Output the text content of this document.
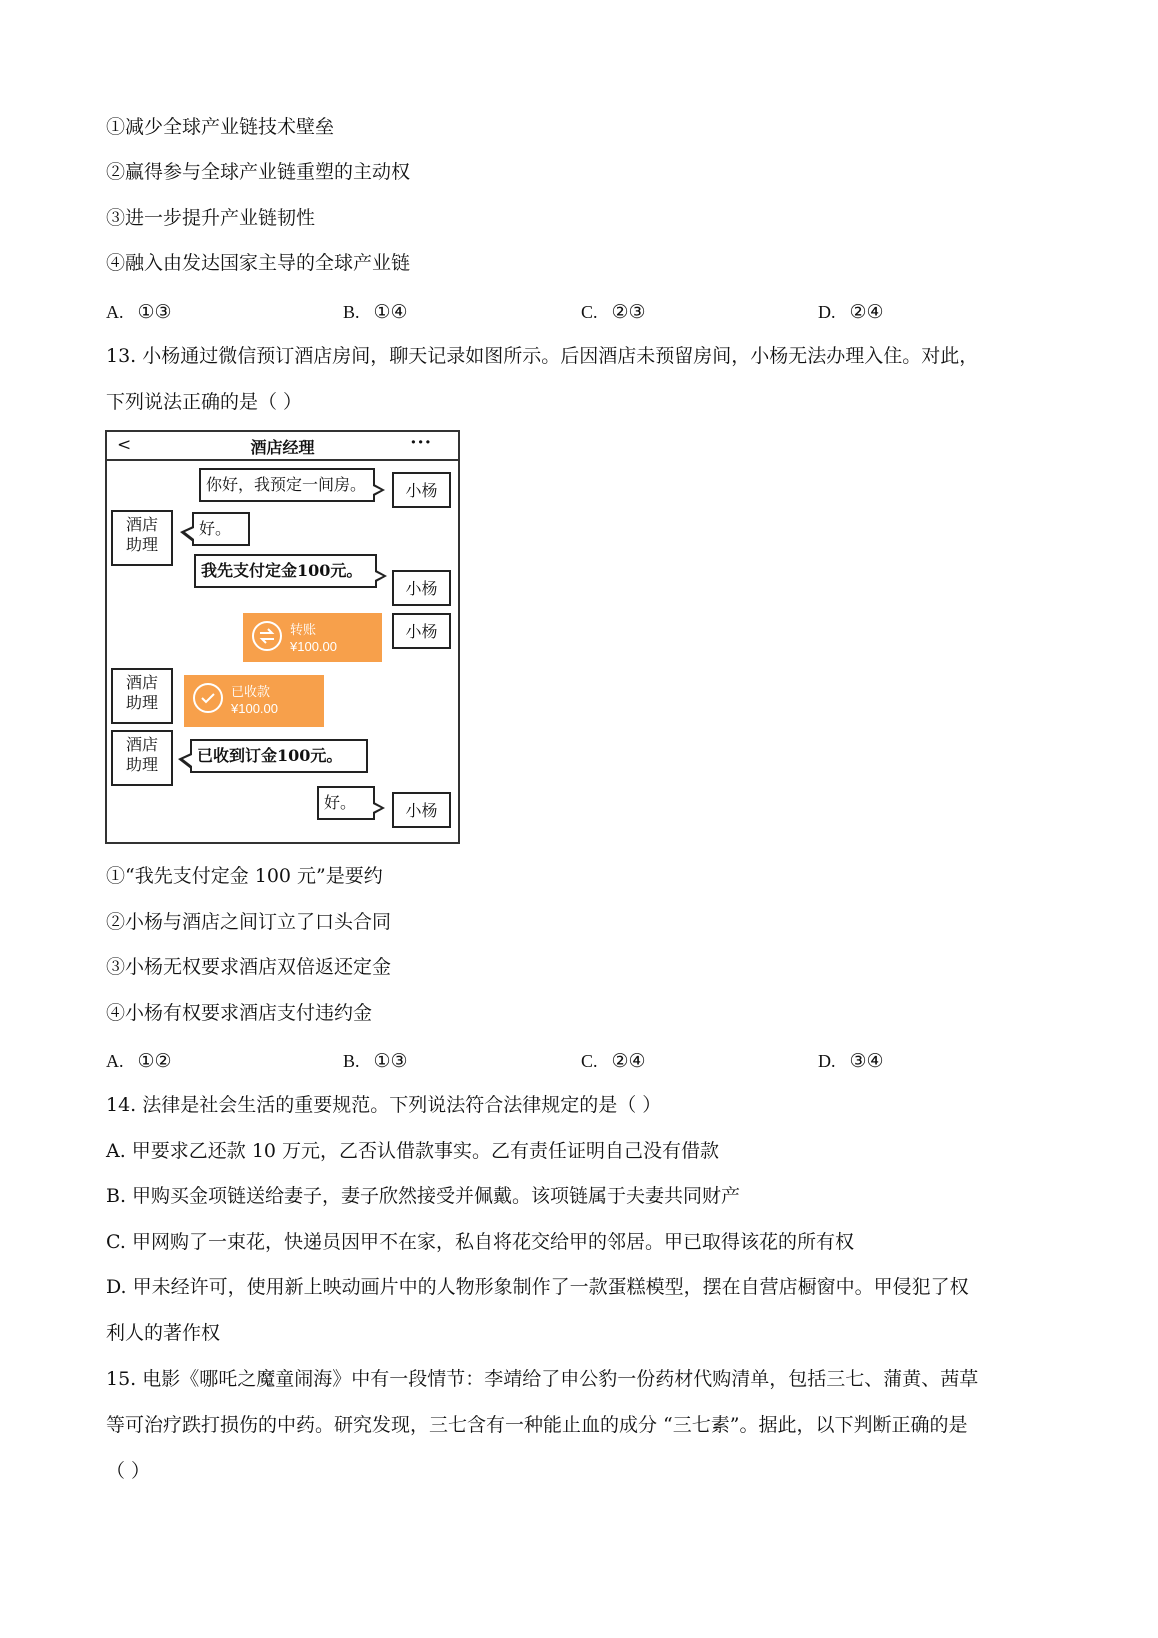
①减少全球产业链技术壁垒
②赢得参与全球产业链重塑的主动权
③进一步提升产业链韧性
④融入由发达国家主导的全球产业链
A. ①③	B. ①④	C. ②③	D. ②④
13. 小杨通过微信预订酒店房间，聊天记录如图所示。后因酒店未预留房间，小杨无法办理入住。对此，
下列说法正确的是（ ）
<	酒店经理	···
你好，我预定一间房。	小杨
酒店
助理
好。
我先支付定金100元。
小杨
转账
¥100.00
小杨
酒店
助理
已收款
¥100.00
酒店
助理	已收到订金100元。
好。	小杨
①“我先支付定金 100 元”是要约
②小杨与酒店之间订立了口头合同
③小杨无权要求酒店双倍返还定金
④小杨有权要求酒店支付违约金
A. ①②	B. ①③	C. ②④	D. ③④
14. 法律是社会生活的重要规范。下列说法符合法律规定的是（ ）
A. 甲要求乙还款 10 万元，乙否认借款事实。乙有责任证明自己没有借款
B. 甲购买金项链送给妻子，妻子欣然接受并佩戴。该项链属于夫妻共同财产
C. 甲网购了一束花，快递员因甲不在家，私自将花交给甲的邻居。甲已取得该花的所有权
D. 甲未经许可，使用新上映动画片中的人物形象制作了一款蛋糕模型，摆在自营店橱窗中。甲侵犯了权
利人的著作权
15. 电影《哪吒之魔童闹海》中有一段情节：李靖给了申公豹一份药材代购清单，包括三七、蒲黄、茜草
等可治疗跌打损伤的中药。研究发现，三七含有一种能止血的成分 “三七素”。据此，以下判断正确的是
（ ）
